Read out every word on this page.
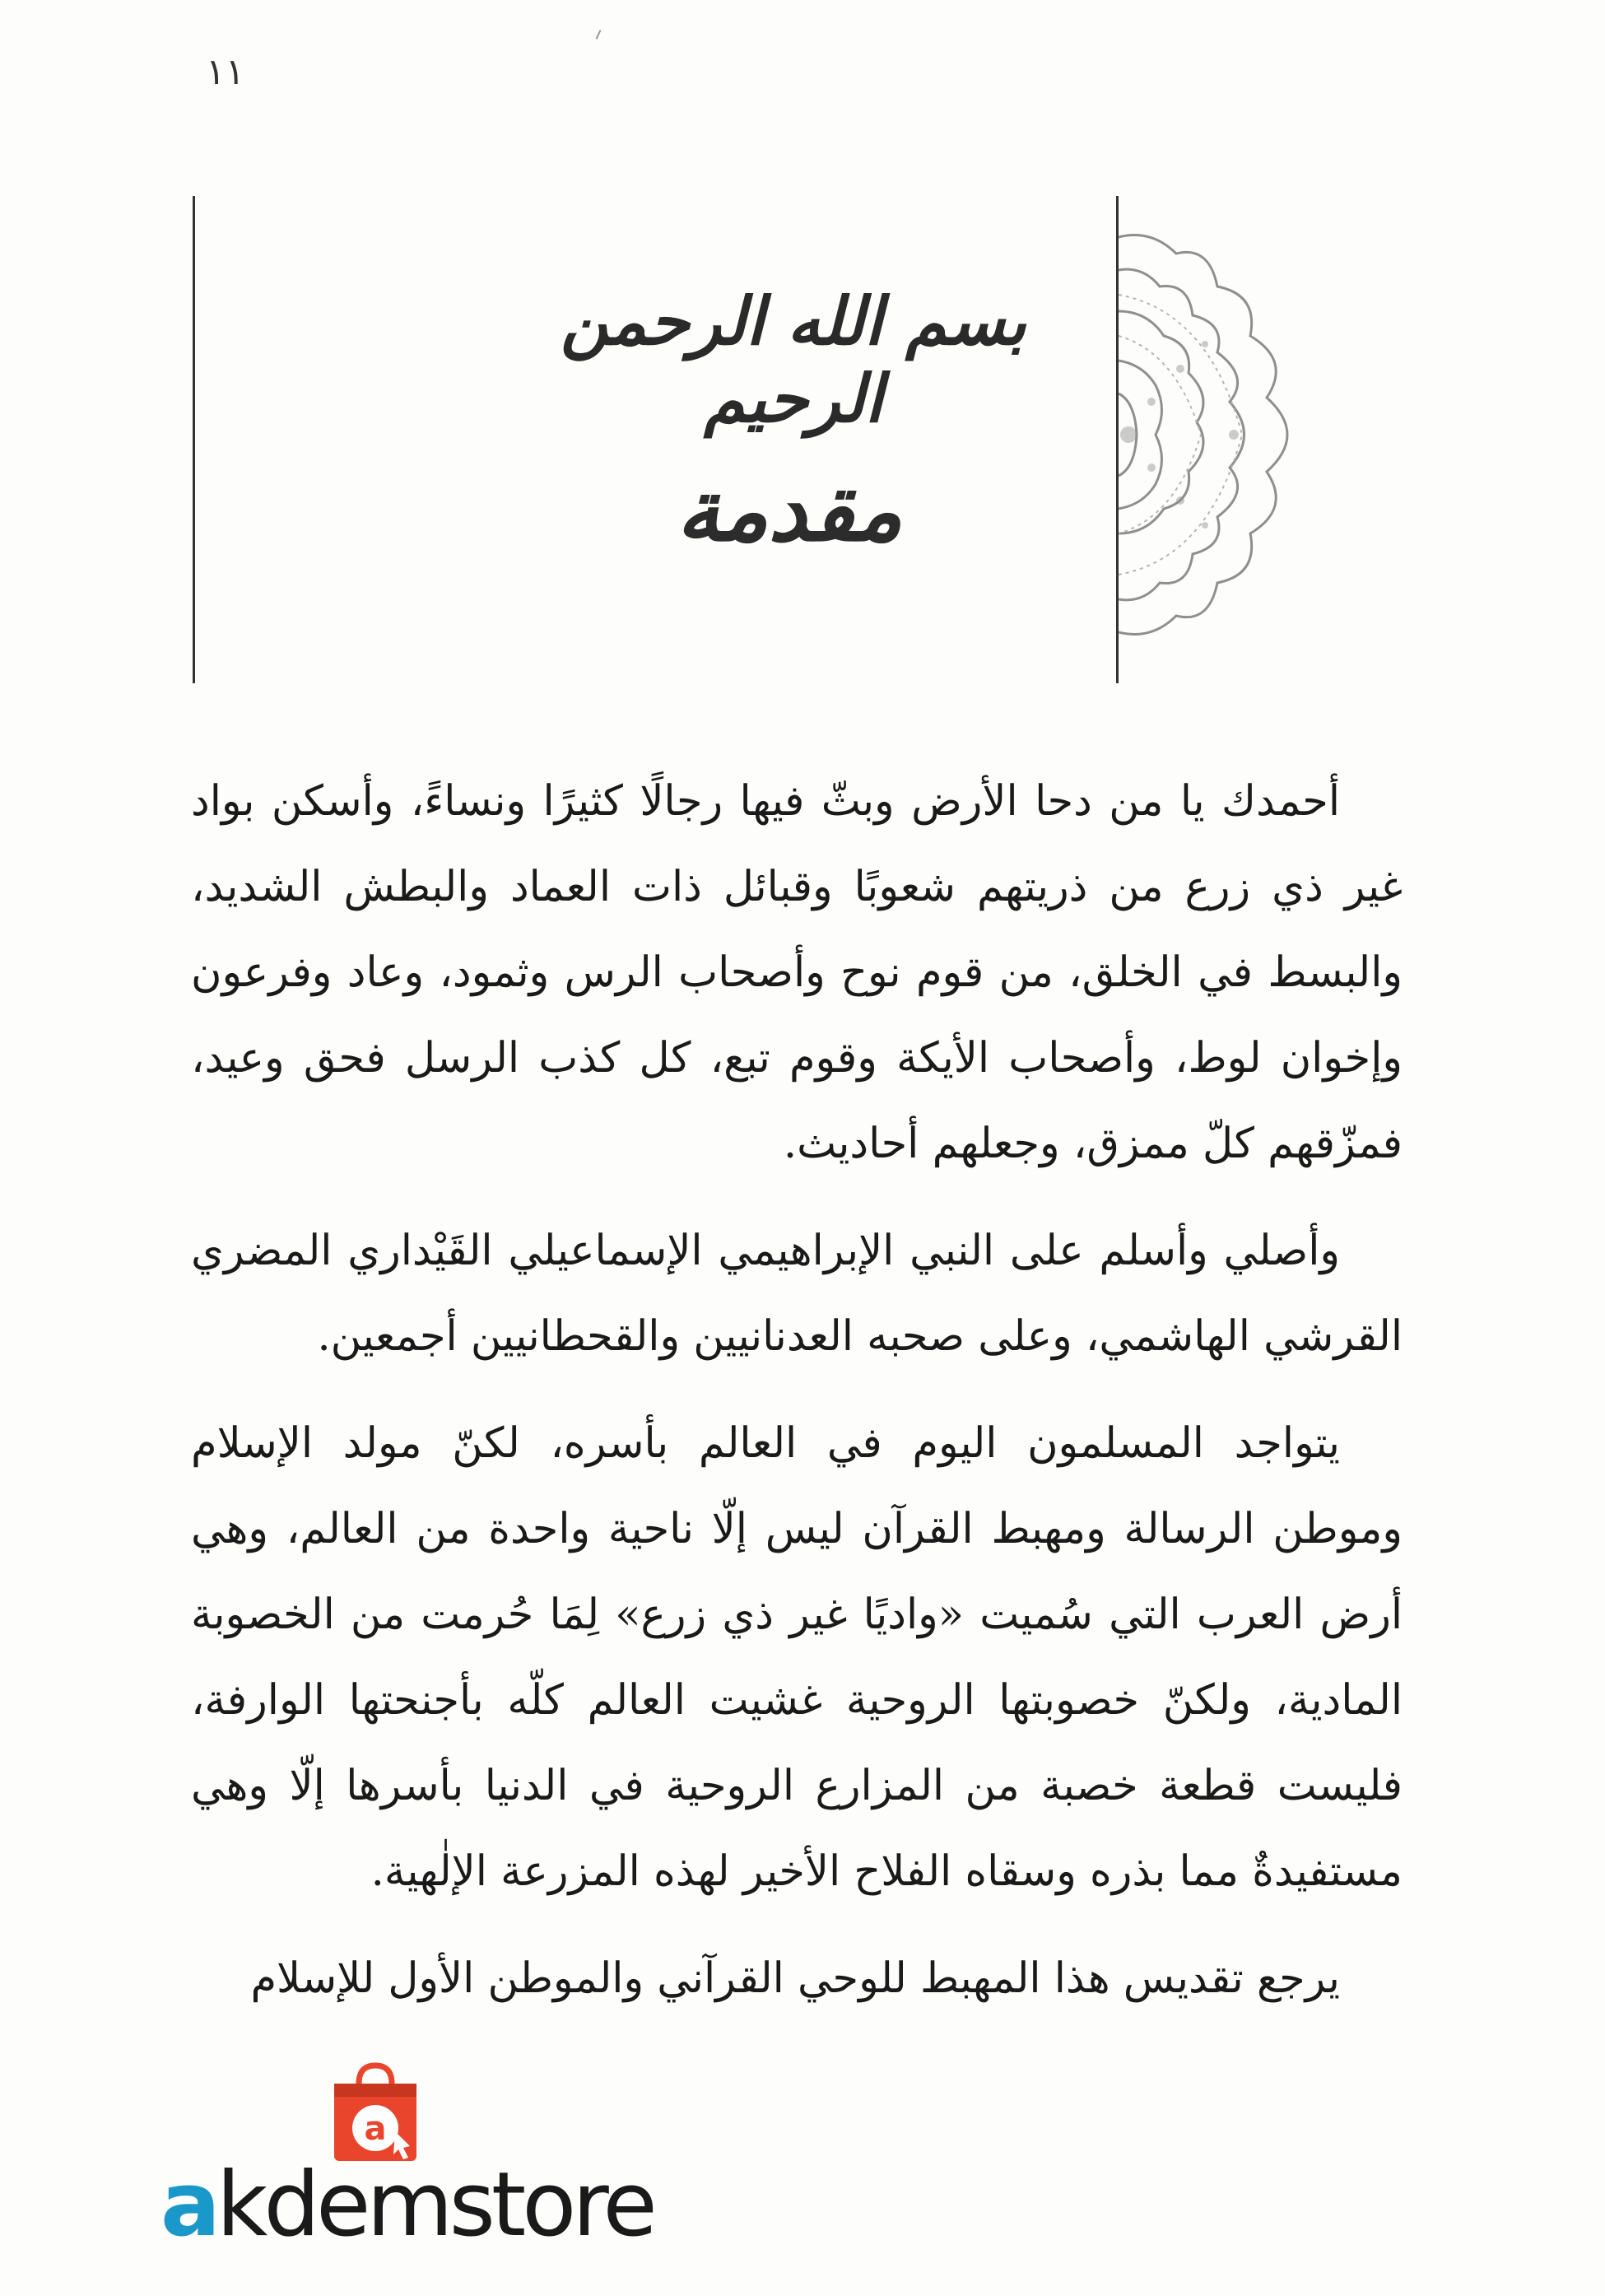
١١
بسم الله الرحمن الرحيم
مقدمة

أحمدك يا من دحا الأرض وبثّ فيها رجالًا كثيرًا ونساءً، وأسكن بواد غير ذي زرع من ذريتهم شعوبًا وقبائل ذات العماد والبطش الشديد، والبسط في الخلق، من قوم نوح وأصحاب الرس وثمود، وعاد وفرعون وإخوان لوط، وأصحاب الأيكة وقوم تبع، كل كذب الرسل فحق وعيد، فمزّقهم كلّ ممزق، وجعلهم أحاديث.

وأصلي وأسلم على النبي الإبراهيمي الإسماعيلي القَيْداري المضري القرشي الهاشمي، وعلى صحبه العدنانيين والقحطانيين أجمعين.

يتواجد المسلمون اليوم في العالم بأسره، لكنّ مولد الإسلام وموطن الرسالة ومهبط القرآن ليس إلّا ناحية واحدة من العالم، وهي أرض العرب التي سُميت «واديًا غير ذي زرع» لِمَا حُرمت من الخصوبة المادية، ولكنّ خصوبتها الروحية غشيت العالم كلّه بأجنحتها الوارفة، فليست قطعة خصبة من المزارع الروحية في الدنيا بأسرها إلّا وهي مستفيدةٌ مما بذره وسقاه الفلاح الأخير لهذه المزرعة الإلٰهية.

يرجع تقديس هذا المهبط للوحي القرآني والموطن الأول للإسلام

a
akdemstore
